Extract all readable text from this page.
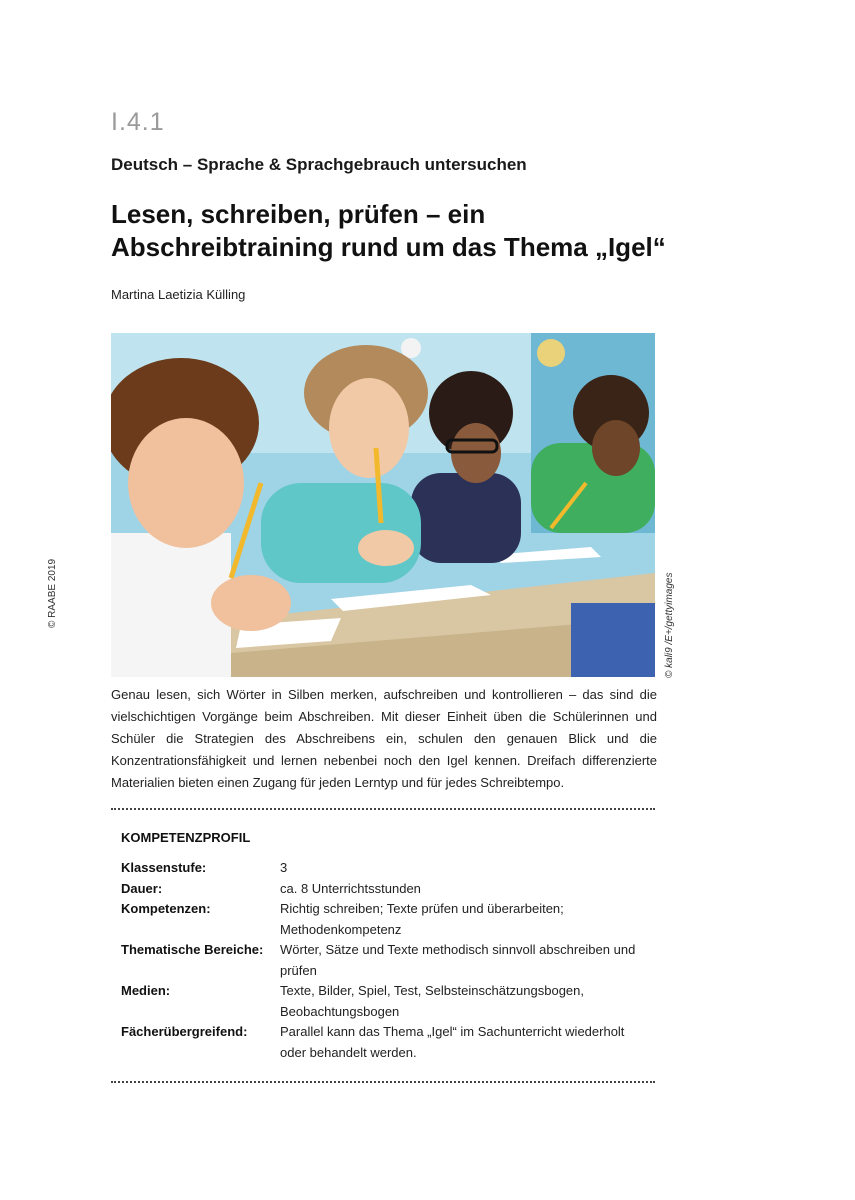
I.4.1
Deutsch – Sprache & Sprachgebrauch untersuchen
Lesen, schreiben, prüfen – ein Abschreibtraining rund um das Thema „Igel“
Martina Laetizia Külling
© RAABE 2019	© kali9 /E+/gettyimages
Genau lesen, sich Wörter in Silben merken, aufschreiben und kontrollieren – das sind die vielschichtigen Vorgänge beim Abschreiben. Mit dieser Einheit üben die Schülerinnen und Schüler die Strategien des Abschreibens ein, schulen den genauen Blick und die Konzentrationsfähigkeit und lernen nebenbei noch den Igel kennen. Dreifach differenzierte Materialien bieten einen Zugang für jeden Lerntyp und für jedes Schreibtempo.
KOMPETENZPROFIL
Klassenstufe:	3
Dauer:	ca. 8 Unterrichtsstunden
Kompetenzen:	Richtig schreiben; Texte prüfen und überarbeiten; Methodenkompetenz
Thematische Bereiche:	Wörter, Sätze und Texte methodisch sinnvoll abschreiben und prüfen
Medien:	Texte, Bilder, Spiel, Test, Selbsteinschätzungsbogen, Beobachtungsbogen
Fächerübergreifend:	Parallel kann das Thema „Igel“ im Sachunterricht wiederholt oder behandelt werden.
